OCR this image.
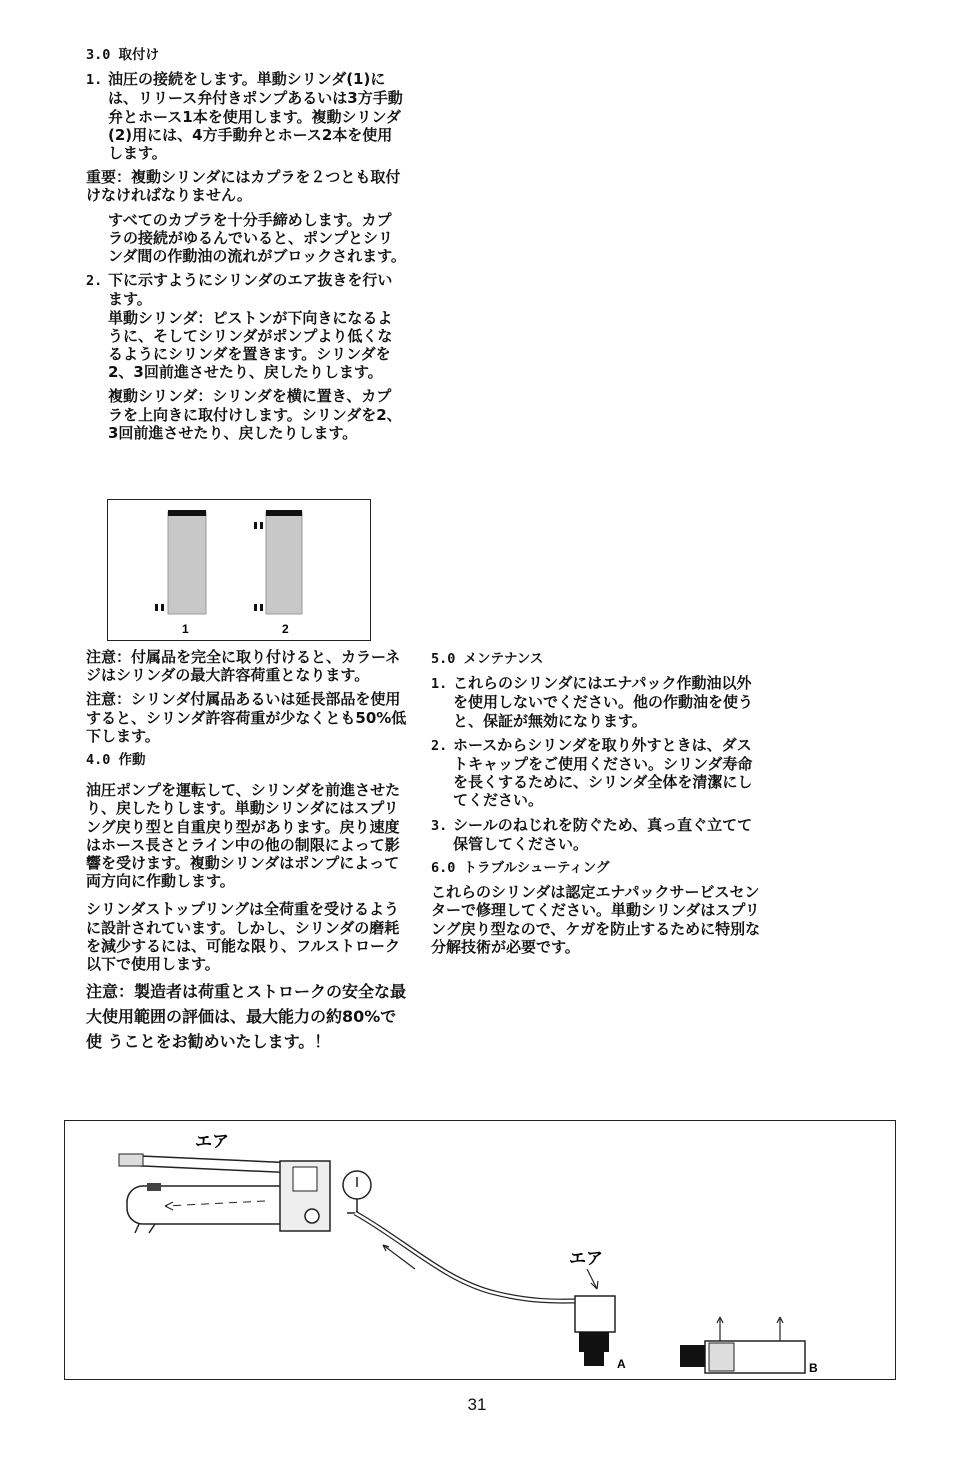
3.0 取付け
1. 油圧の接続をします。単動シリンダ(1)には、リリース弁付きポンプあるいは3方手動弁とホース1本を使用します。複動シリンダ(2)用には、4方手動弁とホース2本を使用します。

重要：複動シリンダにはカプラを２つとも取付けなければなりません。

すべてのカプラを十分手締めします。カプラの接続がゆるんでいると、ポンプとシリンダ間の作動油の流れがブロックされます。

2. 下に示すようにシリンダのエア抜きを行います。
単動シリンダ：ピストンが下向きになるように、そしてシリンダがポンプより低くなるようにシリンダを置きます。シリンダを2、3回前進させたり、戻したりします。
複動シリンダ：シリンダを横に置き、カプラを上向きに取付けします。シリンダを2、3回前進させたり、戻したりします。
1	2

注意：付属品を完全に取り付けると、カラーネジはシリンダの最大許容荷重となります。

注意：シリンダ付属品あるいは延長部品を使用すると、シリンダ許容荷重が少なくとも50%低下します。

4.0 作動

油圧ポンプを運転して、シリンダを前進させたり、戻したりします。単動シリンダにはスプリング戻り型と自重戻り型があります。戻り速度はホース長さとライン中の他の制限によって影響を受けます。複動シリンダはポンプによって両方向に作動します。

シリンダストップリングは全荷重を受けるように設計されています。しかし、シリンダの磨耗を減少するには、可能な限り、フルストローク以下で使用します。

注意：製造者は荷重とストロークの安全な最大使用範囲の評価は、最大能力の約80%で使 うことをお勧めいたします。！

5.0 メンテナンス
1. これらのシリンダにはエナパック作動油以外を使用しないでください。他の作動油を使うと、保証が無効になります。
2. ホースからシリンダを取り外すときは、ダストキャップをご使用ください。シリンダ寿命を長くするために、シリンダ全体を清潔にしてください。
3. シールのねじれを防ぐため、真っ直ぐ立てて保管してください。
6.0 トラブルシューティング

これらのシリンダは認定エナパックサービスセンターで修理してください。単動シリンダはスプリング戻り型なので、ケガを防止するために特別な分解技術が必要です。

エア
エア
A	B
31
